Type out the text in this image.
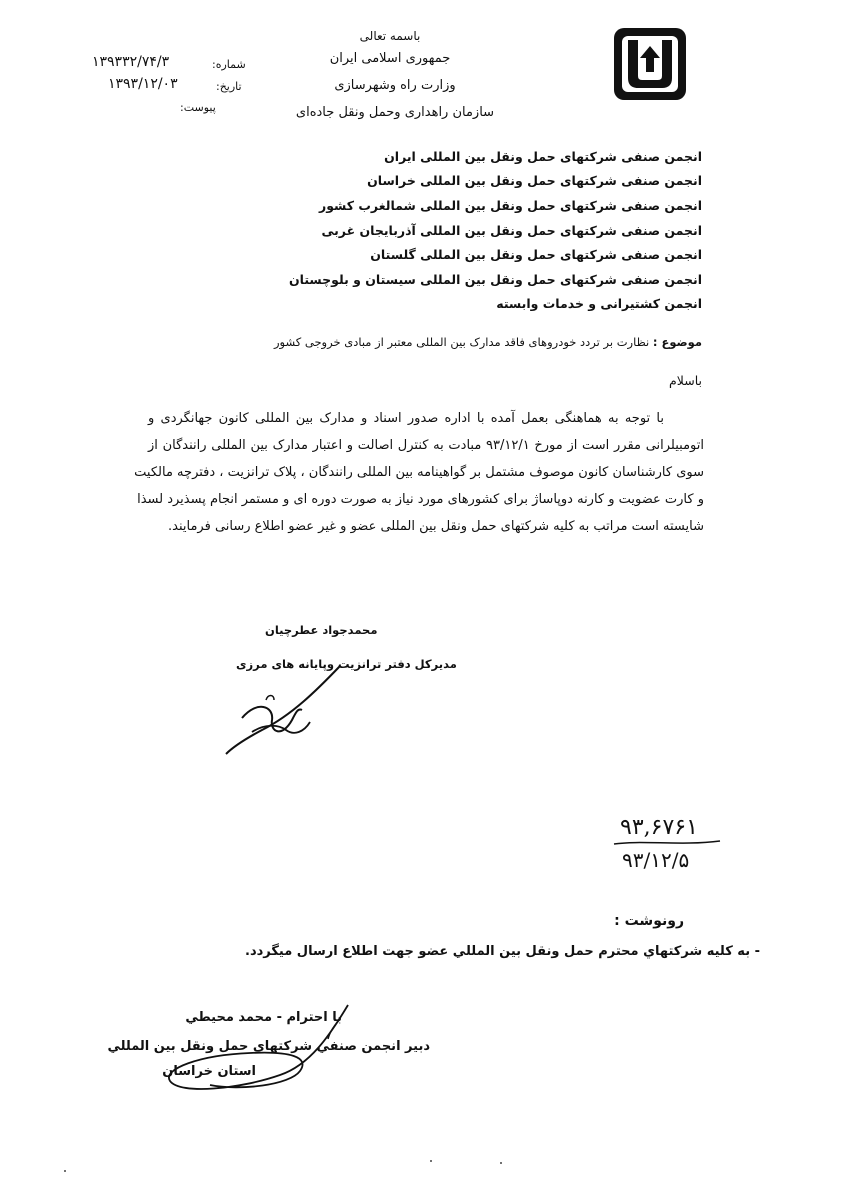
باسمه تعالی
جمهوری اسلامی ایران
وزارت راه وشهرسازی
سازمان راهداری وحمل ونقل جاده‌ای
شماره:
۱۳۹۳۳۲/۷۴/۳
تاریخ:
۱۳۹۳/۱۲/۰۳
پیوست:
انجمن صنفی شرکتهای حمل ونقل بین المللی ایران
انجمن صنفی شرکتهای حمل ونقل بین المللی خراسان
انجمن صنفی شرکتهای حمل ونقل بین المللی شمالغرب کشور
انجمن صنفی شرکتهای حمل ونقل بین المللی آذربایجان غربی
انجمن صنفی شرکتهای حمل ونقل بین المللی گلستان
انجمن صنفی شرکتهای حمل ونقل بین المللی سیستان و بلوچستان
انجمن کشتیرانی و خدمات وابسته
موضوع : نظارت بر تردد خودروهای فاقد مدارک بین المللی معتبر از مبادی خروجی کشور
باسلام
با توجه به هماهنگی بعمل آمده با اداره صدور اسناد و مدارک بین المللی کانون جهانگردی و
اتومبیلرانی مقرر است از مورخ ۹۳/۱۲/۱ مبادت به کنترل اصالت و اعتبار مدارک بین المللی رانندگان از
سوی کارشناسان کانون موصوف مشتمل بر گواهینامه بین المللی رانندگان ، پلاک ترانزیت ، دفترچه مالکیت
و کارت عضویت و کارنه دوپاساژ برای کشورهای مورد نیاز به صورت دوره ای و مستمر انجام پسذیرد لسذا
شایسته است مراتب به کلیه شرکتهای حمل ونقل بین المللی عضو و غیر عضو اطلاع رسانی فرمایند.
محمدجواد عطرچیان
مدیرکل دفتر ترانزیت وپایانه های مرزی
۹۳,۶۷۶۱
۹۳/۱۲/۵
رونوشت :
- به کلیه شرکتهاي محترم حمل ونقل بین المللي عضو جهت اطلاع ارسال میگردد.
با احترام - محمد محیطي
دبیر انجمن صنفي شرکتهاي حمل ونقل بین المللي
استان خراسان
